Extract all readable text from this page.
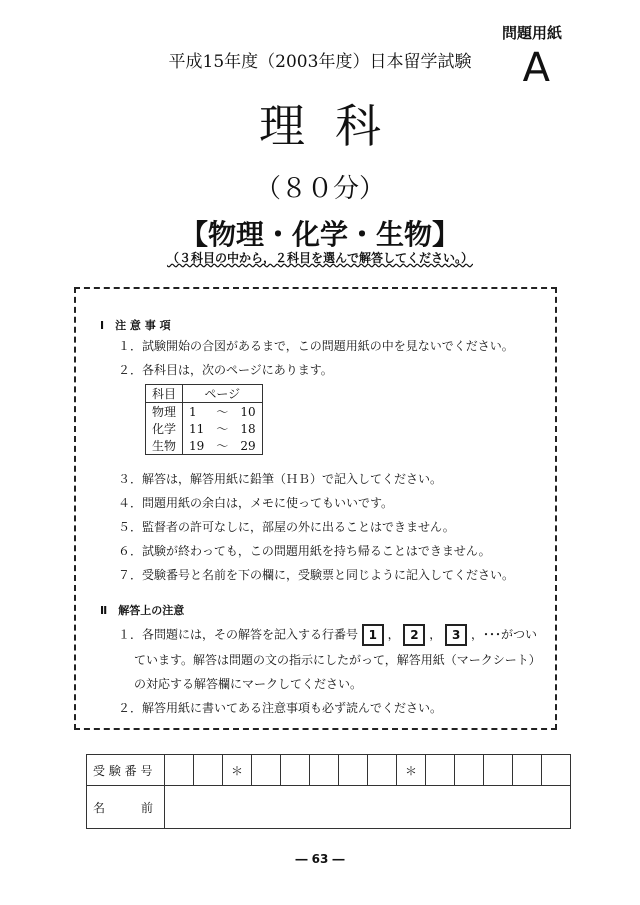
問題用紙
A
平成15年度（2003年度）日本留学試験
理科
（８０分）
【物理・化学・生物】
（３科目の中から，２科目を選んで解答してください。）
Ⅰ　注 意 事 項
１．試験開始の合図があるまで，この問題用紙の中を見ないでください。
２．各科目は，次のページにあります。
科目	ページ		
物理	1	〜	10
化学	11	〜	18
生物	19	〜	29
３．解答は，解答用紙に鉛筆（ＨＢ）で記入してください。
４．問題用紙の余白は，メモに使ってもいいです。
５．監督者の許可なしに，部屋の外に出ることはできません。
６．試験が終わっても，この問題用紙を持ち帰ることはできません。
７．受験番号と名前を下の欄に，受験票と同じように記入してください。
Ⅱ　解答上の注意
１．各問題には，その解答を記入する行番号 1 ， 2 ， 3 ，･･･がつい
ています。解答は問題の文の指示にしたがって，解答用紙（マークシート）
の対応する解答欄にマークしてください。
２．解答用紙に書いてある注意事項も必ず読んでください。
受 験 番 号			＊						＊					
名　　　前														
― 63 ―
